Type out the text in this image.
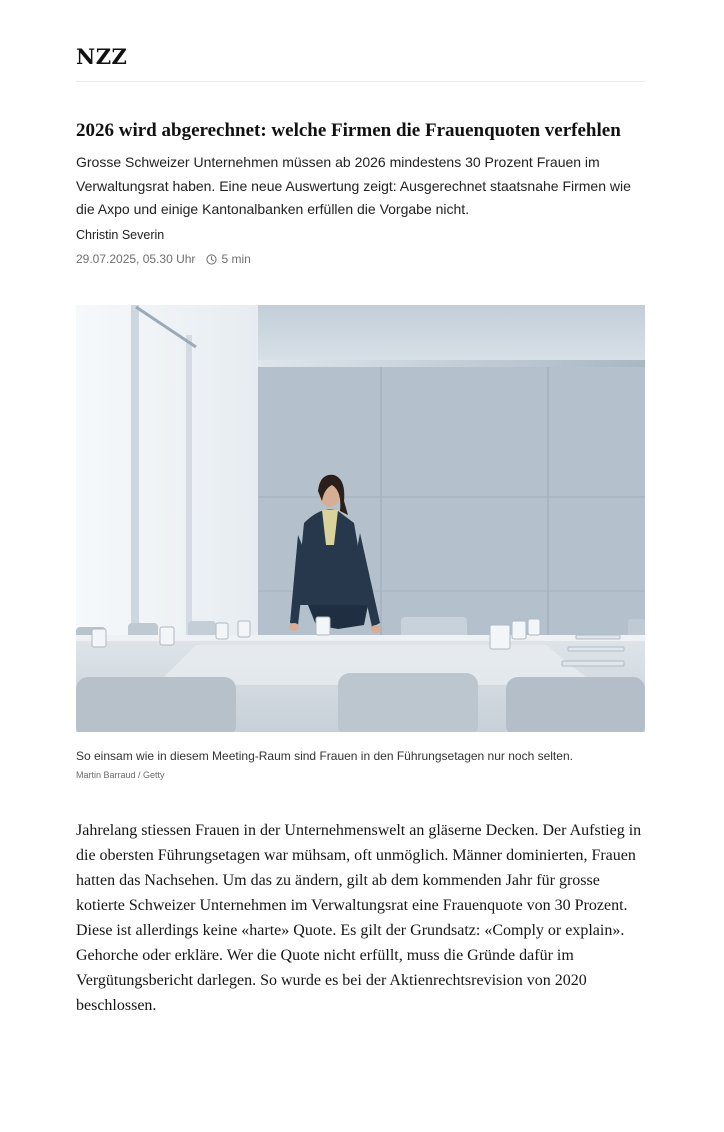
NZZ
2026 wird abgerechnet: welche Firmen die Frauenquoten verfehlen

Grosse Schweizer Unternehmen müssen ab 2026 mindestens 30 Prozent Frauen im Verwaltungsrat haben. Eine neue Auswertung zeigt: Ausgerechnet staatsnahe Firmen wie die Axpo und einige Kantonalbanken erfüllen die Vorgabe nicht.

Christin Severin
29.07.2025, 05.30 Uhr 5 min
So einsam wie in diesem Meeting-Raum sind Frauen in den Führungsetagen nur noch selten.
Martin Barraud / Getty

Jahrelang stiessen Frauen in der Unternehmenswelt an gläserne Decken. Der Aufstieg in die obersten Führungsetagen war mühsam, oft unmöglich. Männer dominierten, Frauen hatten das Nachsehen. Um das zu ändern, gilt ab dem kommenden Jahr für grosse kotierte Schweizer Unternehmen im Verwaltungsrat eine Frauenquote von 30 Prozent. Diese ist allerdings keine «harte» Quote. Es gilt der Grundsatz: «Comply or explain». Gehorche oder erkläre. Wer die Quote nicht erfüllt, muss die Gründe dafür im Vergütungsbericht darlegen. So wurde es bei der Aktienrechtsrevision von 2020 beschlossen.
